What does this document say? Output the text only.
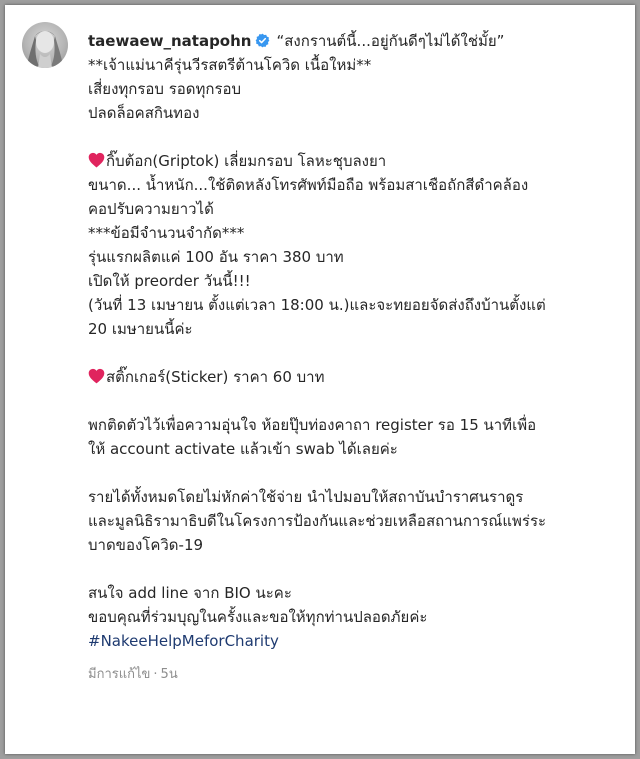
taewaew_natapohn “สงกรานต์นี้...อยู่กันดีๆไม่ได้ใช่มั้ย”
**เจ้าแม่นาคีรุ่นวีรสตรีต้านโควิด เนื้อใหม่**
เสี่ยงทุกรอบ รอดทุกรอบ
ปลดล็อคสกินทอง
กิ๊บต้อก(Griptok) เลี่ยมกรอบ โลหะชุบลงยา
ขนาด... น้ำหนัก...ใช้ติดหลังโทรศัพท์มือถือ พร้อมสาเชือถักสีดำคล้อง
คอปรับความยาวได้
***ข้อมีจำนวนจำกัด***
รุ่นแรกผลิตแค่ 100 อัน ราคา 380 บาท
เปิดให้ preorder วันนี้!!!
(วันที่ 13 เมษายน ตั้งแต่เวลา 18:00 น.)และจะทยอยจัดส่งถึงบ้านตั้งแต่
20 เมษายนนี้ค่ะ
สติ๊กเกอร์(Sticker) ราคา 60 บาท
พกติดตัวไว้เพื่อความอุ่นใจ ห้อยปุ๊บท่องคาถา register รอ 15 นาทีเพื่อ
ให้ account activate แล้วเข้า swab ได้เลยค่ะ
รายได้ทั้งหมดโดยไม่หักค่าใช้จ่าย นำไปมอบให้สถาบันบำราศนราดูร
และมูลนิธิรามาธิบดีในโครงการป้องกันและช่วยเหลือสถานการณ์แพร่ระ
บาดของโควิด-19
สนใจ add line จาก BIO นะคะ
ขอบคุณที่ร่วมบุญในครั้งและขอให้ทุกท่านปลอดภัยค่ะ
#NakeeHelpMeforCharity
มีการแก้ไข · 5น
